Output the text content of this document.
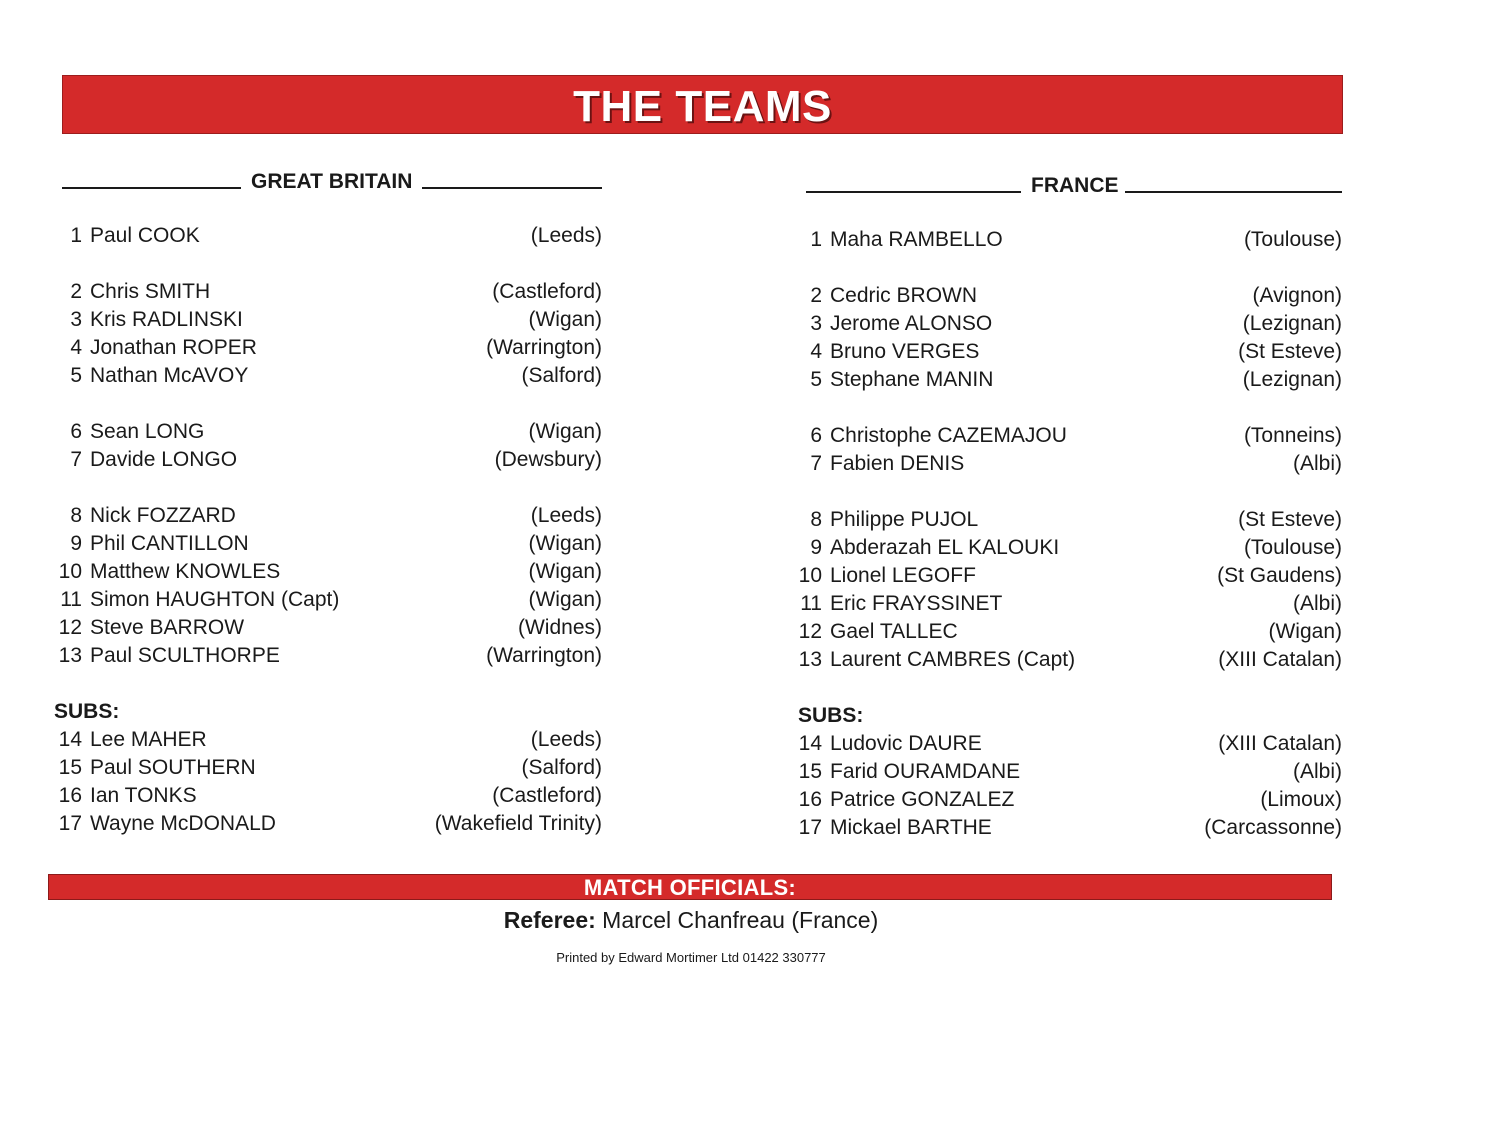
THE TEAMS
GREAT BRITAIN
1 Paul COOK	(Leeds)
2 Chris SMITH	(Castleford)
3 Kris RADLINSKI	(Wigan)
4 Jonathan ROPER	(Warrington)
5 Nathan McAVOY	(Salford)
6 Sean LONG	(Wigan)
7 Davide LONGO	(Dewsbury)
8 Nick FOZZARD	(Leeds)
9 Phil CANTILLON	(Wigan)
10 Matthew KNOWLES	(Wigan)
11 Simon HAUGHTON (Capt)	(Wigan)
12 Steve BARROW	(Widnes)
13 Paul SCULTHORPE	(Warrington)
SUBS:
14 Lee MAHER	(Leeds)
15 Paul SOUTHERN	(Salford)
16 Ian TONKS	(Castleford)
17 Wayne McDONALD	(Wakefield Trinity)
FRANCE
1 Maha RAMBELLO	(Toulouse)
2 Cedric BROWN	(Avignon)
3 Jerome ALONSO	(Lezignan)
4 Bruno VERGES	(St Esteve)
5 Stephane MANIN	(Lezignan)
6 Christophe CAZEMAJOU	(Tonneins)
7 Fabien DENIS	(Albi)
8 Philippe PUJOL	(St Esteve)
9 Abderazah EL KALOUKI	(Toulouse)
10 Lionel LEGOFF	(St Gaudens)
11 Eric FRAYSSINET	(Albi)
12 Gael TALLEC	(Wigan)
13 Laurent CAMBRES (Capt)	(XIII Catalan)
SUBS:
14 Ludovic DAURE	(XIII Catalan)
15 Farid OURAMDANE	(Albi)
16 Patrice GONZALEZ	(Limoux)
17 Mickael BARTHE	(Carcassonne)
MATCH OFFICIALS:
Referee: Marcel Chanfreau (France)
Printed by Edward Mortimer Ltd 01422 330777
